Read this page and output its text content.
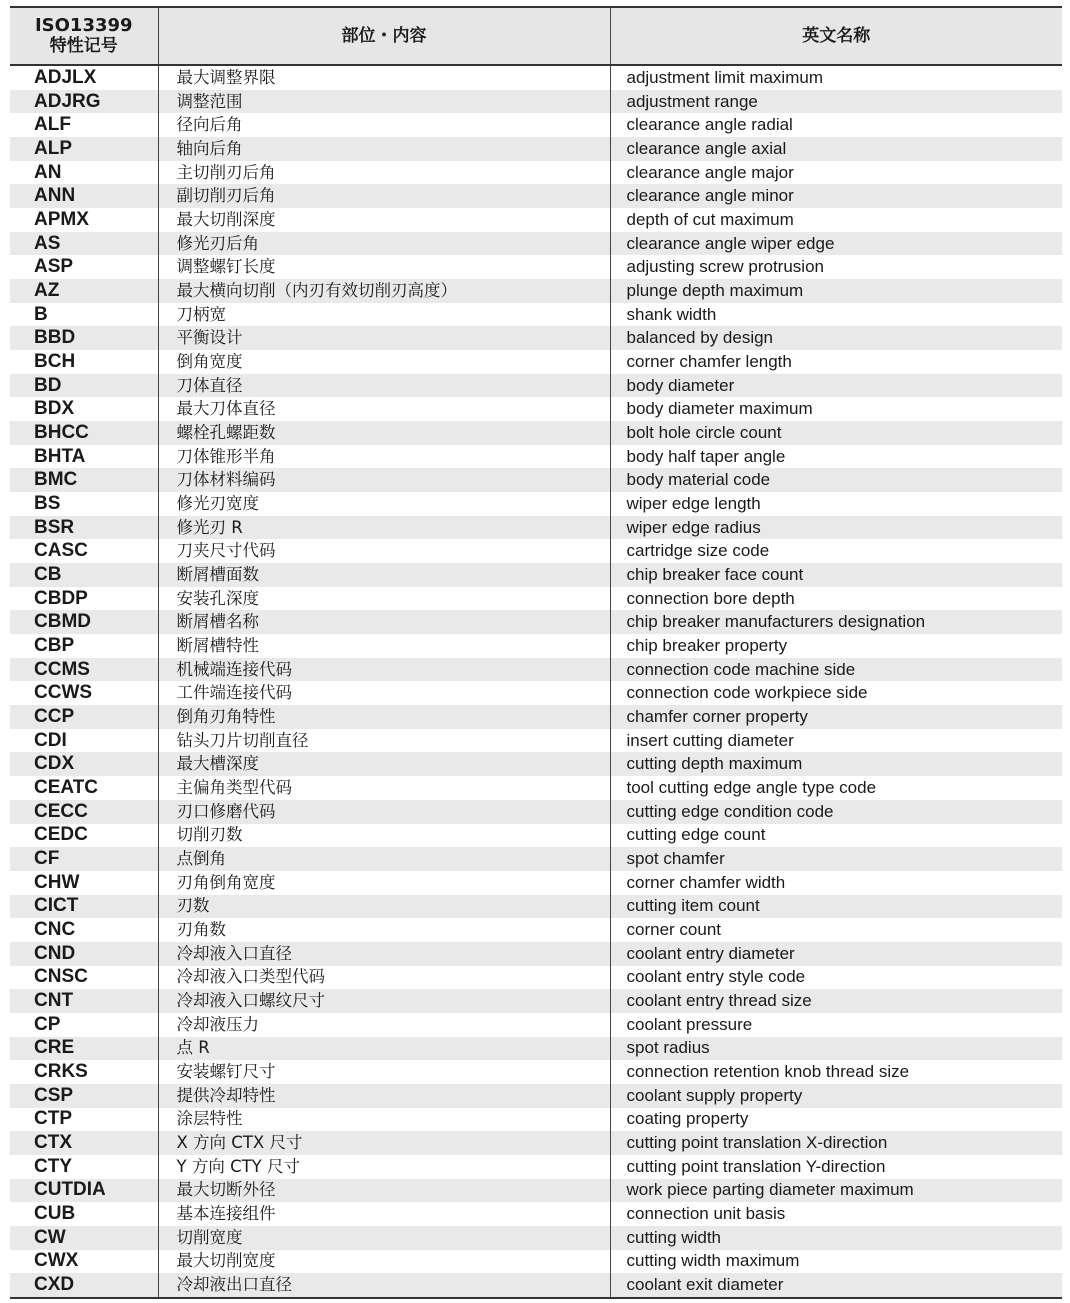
ISO13399
特性记号	部位・内容	英文名称
ADJLX	最大调整界限	adjustment limit maximum
ADJRG	调整范围	adjustment range
ALF	径向后角	clearance angle radial
ALP	轴向后角	clearance angle axial
AN	主切削刃后角	clearance angle major
ANN	副切削刃后角	clearance angle minor
APMX	最大切削深度	depth of cut maximum
AS	修光刃后角	clearance angle wiper edge
ASP	调整螺钉长度	adjusting screw protrusion
AZ	最大横向切削（内刃有效切削刃高度）	plunge depth maximum
B	刀柄宽	shank width
BBD	平衡设计	balanced by design
BCH	倒角宽度	corner chamfer length
BD	刀体直径	body diameter
BDX	最大刀体直径	body diameter maximum
BHCC	螺栓孔螺距数	bolt hole circle count
BHTA	刀体锥形半角	body half taper angle
BMC	刀体材料编码	body material code
BS	修光刃宽度	wiper edge length
BSR	修光刃 R	wiper edge radius
CASC	刀夹尺寸代码	cartridge size code
CB	断屑槽面数	chip breaker face count
CBDP	安装孔深度	connection bore depth
CBMD	断屑槽名称	chip breaker manufacturers designation
CBP	断屑槽特性	chip breaker property
CCMS	机械端连接代码	connection code machine side
CCWS	工件端连接代码	connection code workpiece side
CCP	倒角刃角特性	chamfer corner property
CDI	钻头刀片切削直径	insert cutting diameter
CDX	最大槽深度	cutting depth maximum
CEATC	主偏角类型代码	tool cutting edge angle type code
CECC	刃口修磨代码	cutting edge condition code
CEDC	切削刃数	cutting edge count
CF	点倒角	spot chamfer
CHW	刃角倒角宽度	corner chamfer width
CICT	刃数	cutting item count
CNC	刃角数	corner count
CND	冷却液入口直径	coolant entry diameter
CNSC	冷却液入口类型代码	coolant entry style code
CNT	冷却液入口螺纹尺寸	coolant entry thread size
CP	冷却液压力	coolant pressure
CRE	点 R	spot radius
CRKS	安装螺钉尺寸	connection retention knob thread size
CSP	提供冷却特性	coolant supply property
CTP	涂层特性	coating property
CTX	X 方向 CTX 尺寸	cutting point translation X-direction
CTY	Y 方向 CTY 尺寸	cutting point translation Y-direction
CUTDIA	最大切断外径	work piece parting diameter maximum
CUB	基本连接组件	connection unit basis
CW	切削宽度	cutting width
CWX	最大切削宽度	cutting width maximum
CXD	冷却液出口直径	coolant exit diameter
